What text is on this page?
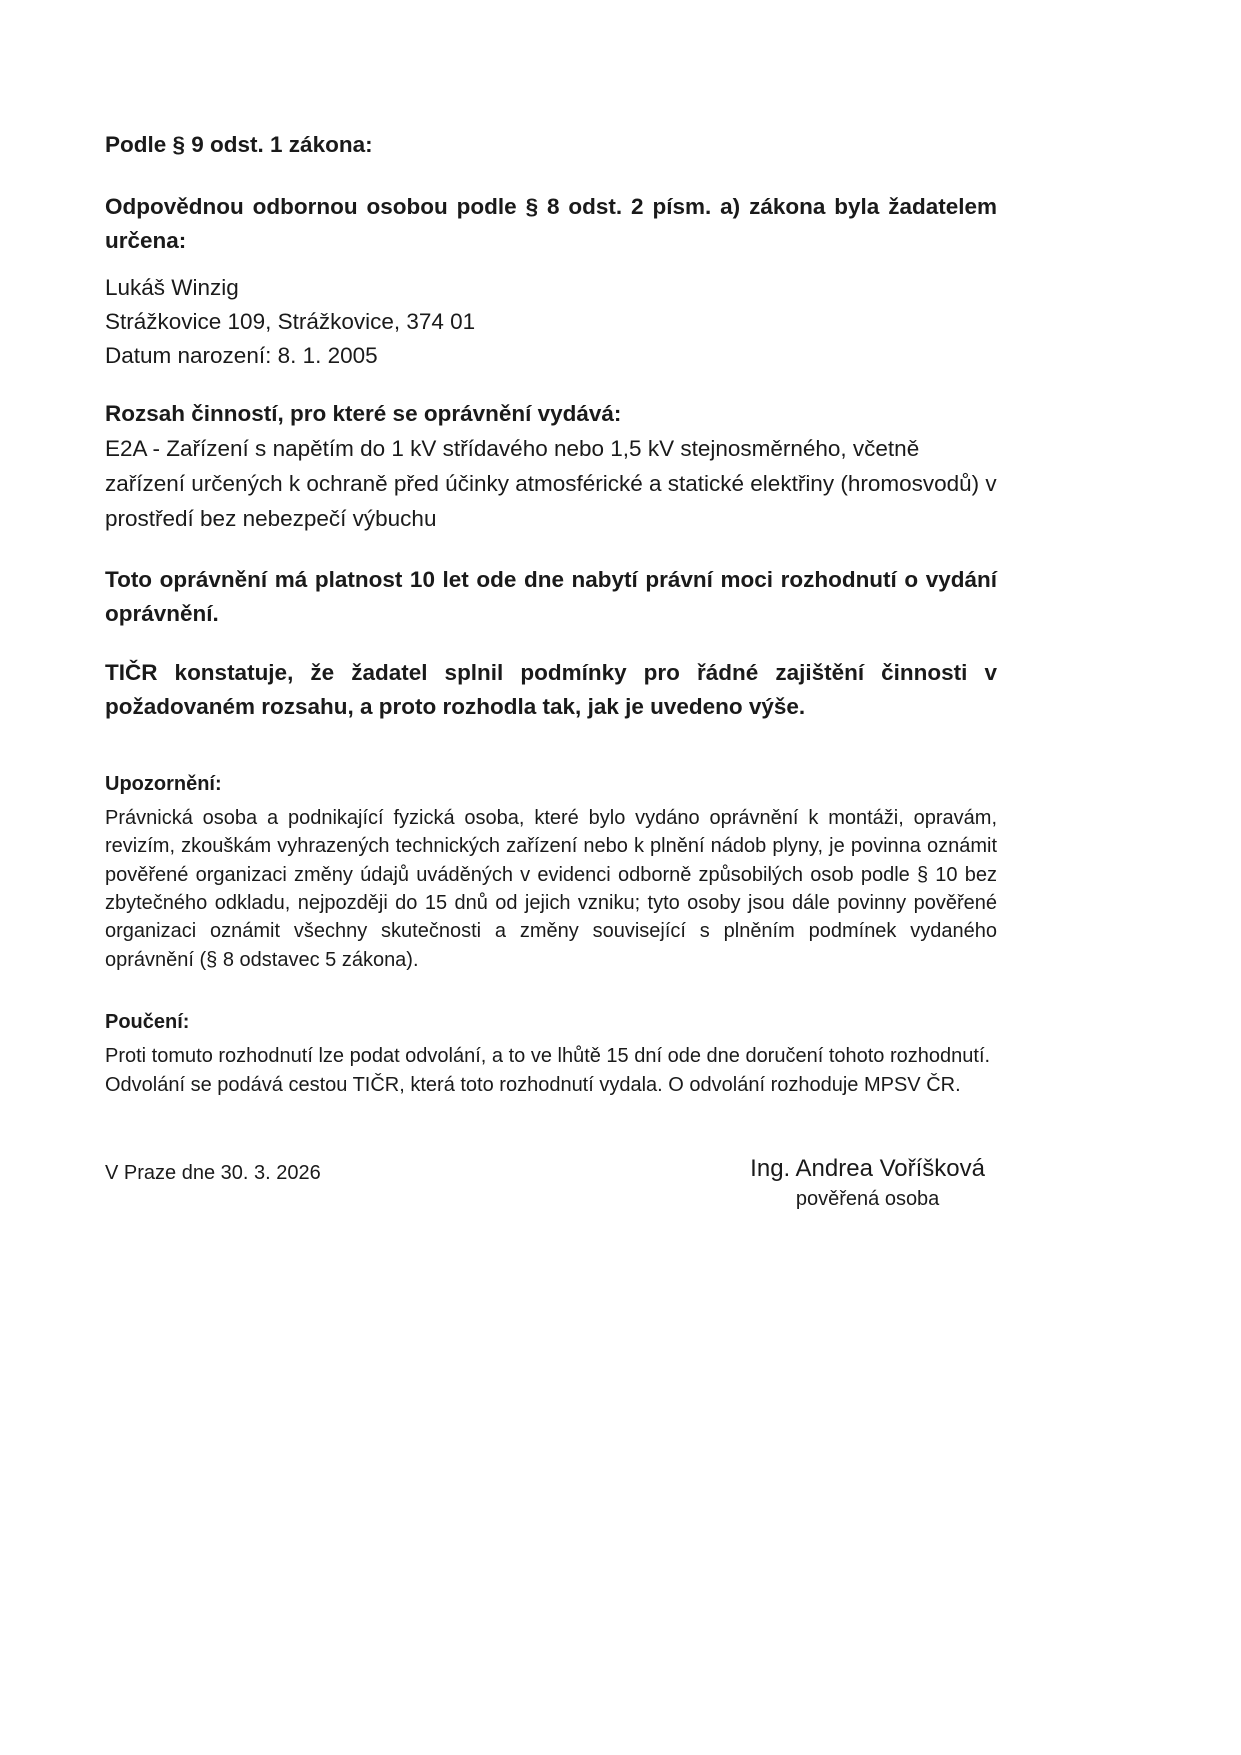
Podle § 9 odst. 1 zákona:

Odpovědnou odbornou osobou podle § 8 odst. 2 písm. a) zákona byla žadatelem určena:

Lukáš Winzig

Strážkovice 109, Strážkovice, 374 01

Datum narození: 8. 1. 2005

Rozsah činností, pro které se oprávnění vydává:

E2A - Zařízení s napětím do 1 kV střídavého nebo 1,5 kV stejnosměrného, včetně zařízení určených k ochraně před účinky atmosférické a statické elektřiny (hromosvodů) v prostředí bez nebezpečí výbuchu

Toto oprávnění má platnost 10 let ode dne nabytí právní moci rozhodnutí o vydání oprávnění.

TIČR konstatuje, že žadatel splnil podmínky pro řádné zajištění činnosti v požadovaném rozsahu, a proto rozhodla tak, jak je uvedeno výše.

Upozornění:

Právnická osoba a podnikající fyzická osoba, které bylo vydáno oprávnění k montáži, opravám, revizím, zkouškám vyhrazených technických zařízení nebo k plnění nádob plyny, je povinna oznámit pověřené organizaci změny údajů uváděných v evidenci odborně způsobilých osob podle § 10 bez zbytečného odkladu, nejpozději do 15 dnů od jejich vzniku; tyto osoby jsou dále povinny pověřené organizaci oznámit všechny skutečnosti a změny související s plněním podmínek vydaného oprávnění (§ 8 odstavec 5 zákona).

Poučení:

Proti tomuto rozhodnutí lze podat odvolání, a to ve lhůtě 15 dní ode dne doručení tohoto rozhodnutí. Odvolání se podává cestou TIČR, která toto rozhodnutí vydala. O odvolání rozhoduje MPSV ČR.

V Praze dne 30. 3. 2026	Ing. Andrea Voříšková

pověřená osoba
